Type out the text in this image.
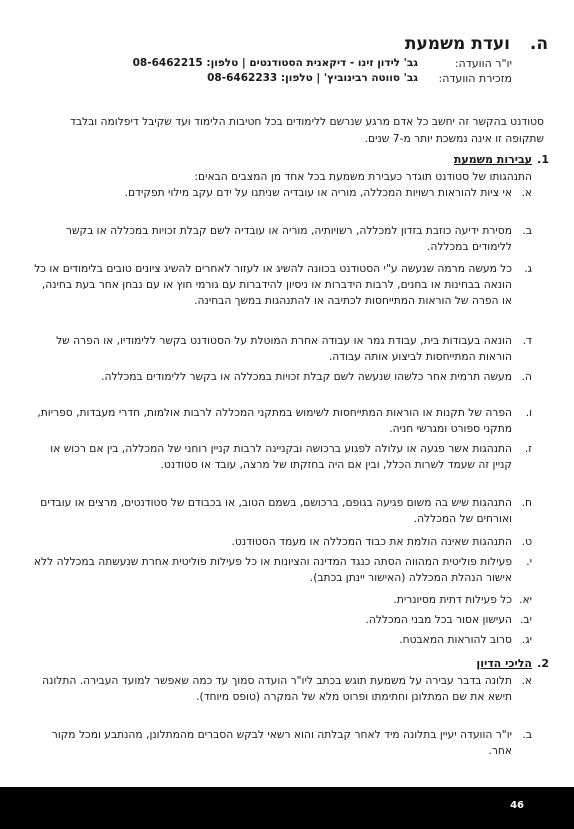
ה.
ועדת משמעת
יו"ר הוועדה:
גב' לידון זינו - דיקאנית הסטודנטים | טלפון: 08-6462215
מזכירת הוועדה:
גב' סווטה רבינוביץ' | טלפון: 08-6462233
סטודנט בהקשר זה יחשב כל אדם מרגע שנרשם ללימודים בכל חטיבות הלימוד ועד שקיבל דיפלומה ובלבד שתקופה זו אינה נמשכת יותר מ-7 שנים.
1.
עבירות משמעת
התנהגותו של סטודנט תוגדר כעבירת משמעת בכל אחד מן המצבים הבאים:
א.
אי ציות להוראות רשויות המכללה, מוריה או עובדיה שניתנו על ידם עקב מילוי תפקידם.
ב.
מסירת ידיעה כוזבת בזדון למכללה, רשויותיה, מוריה או עובדיה לשם קבלת זכויות במכללה או בקשר ללימודים במכללה.
ג.
כל מעשה מרמה שנעשה ע"י הסטודנט בכוונה להשיג או לעזור לאחרים להשיג ציונים טובים בלימודים או כל הונאה בבחינות או בחנים, לרבות הידברות או ניסיון להידברות עם גורמי חוץ או עם נבחן אחר בעת בחינה, או הפרה של הוראות המתייחסות לכתיבה או להתנהגות במשך הבחינה.
ד.
הונאה בעבודות בית, עבודת גמר או עבודה אחרת המוטלת על הסטודנט בקשר ללימודיו, או הפרה של הוראות המתייחסות לביצוע אותה עבודה.
ה.
מעשה תרמית אחר כלשהו שנעשה לשם קבלת זכויות במכללה או בקשר ללימודים במכללה.
ו.
הפרה של תקנות או הוראות המתייחסות לשימוש במתקני המכללה לרבות אולמות, חדרי מעבדות, ספריות, מתקני ספורט ומגרשי חניה.
ז.
התנהגות אשר פגעה או עלולה לפגוע ברכושה ובקניינה לרבות קניין רוחני של המכללה, בין אם רכוש או קניין זה שעמד לשרות הכלל, ובין אם היה בחזקתו של מרצה, עובד או סטודנט.
ח.
התנהגות שיש בה משום פגיעה בגופם, ברכושם, בשמם הטוב, או בכבודם של סטודנטים, מרצים או עובדים ואורחים של המכללה.
ט.
התנהגות שאינה הולמת את כבוד המכללה או מעמד הסטודנט.
י.
פעילות פוליטית המהווה הסתה כנגד המדינה והציונות או כל פעילות פוליטית אחרת שנעשתה במכללה ללא אישור הנהלת המכללה (האישור יינתן בכתב).
יא.
כל פעילות דתית מסיונרית.
יב.
העישון אסור בכל מבני המכללה.
יג.
סרוב להוראות המאבטח.
2.
הליכי הדיון
א.
תלונה בדבר עבירה על משמעת תוגש בכתב ליו"ר הועדה סמוך עד כמה שאפשר למועד העבירה. התלונה תישא את שם המתלונן וחתימתו ופרוט מלא של המקרה (טופס מיוחד).
ב.
יו"ר הוועדה יעיין בתלונה מיד לאחר קבלתה והוא רשאי לבקש הסברים מהמתלונן, מהנתבע ומכל מקור אחר.
46
